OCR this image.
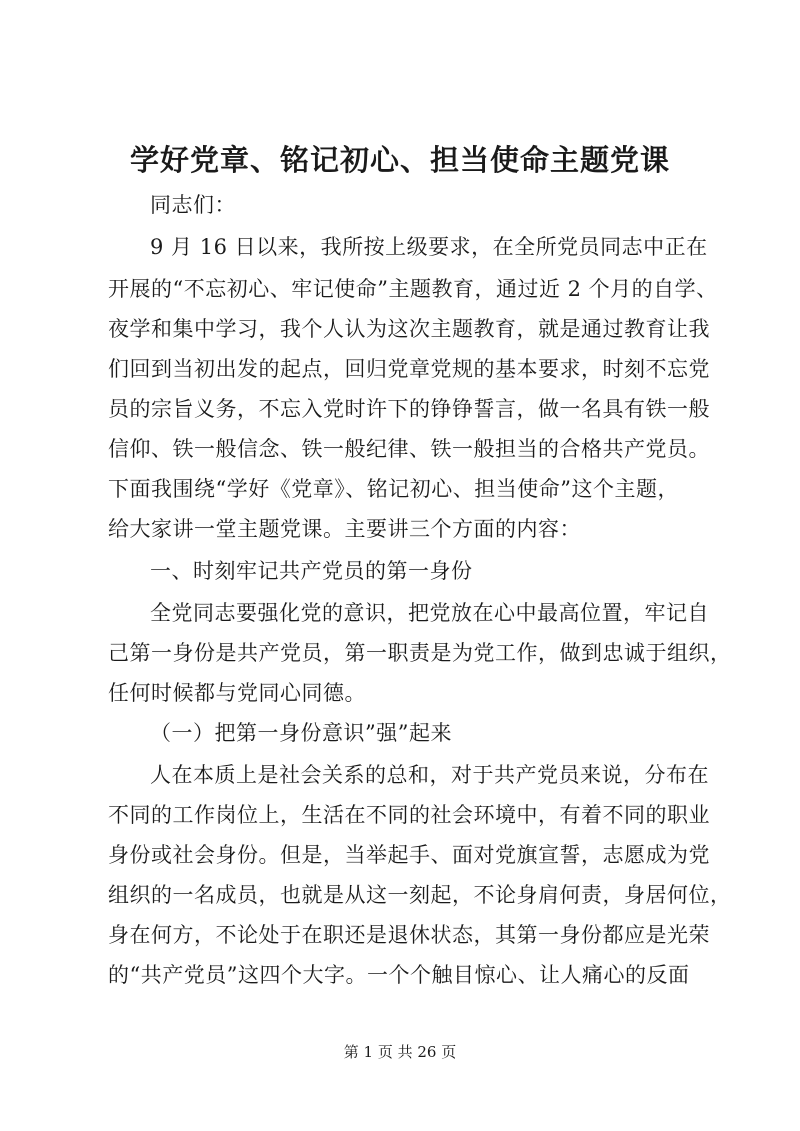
学好党章、铭记初心、担当使命主题党课
同志们：
9 月 16 日以来，我所按上级要求，在全所党员同志中正在
开展的“不忘初心、牢记使命”主题教育，通过近 2 个月的自学、
夜学和集中学习，我个人认为这次主题教育，就是通过教育让我
们回到当初出发的起点，回归党章党规的基本要求，时刻不忘党
员的宗旨义务，不忘入党时许下的铮铮誓言，做一名具有铁一般
信仰、铁一般信念、铁一般纪律、铁一般担当的合格共产党员。
下面我围绕“学好《党章》、铭记初心、担当使命”这个主题，
给大家讲一堂主题党课。主要讲三个方面的内容：
一、时刻牢记共产党员的第一身份
全党同志要强化党的意识，把党放在心中最高位置，牢记自
己第一身份是共产党员，第一职责是为党工作，做到忠诚于组织，
任何时候都与党同心同德。
（一）把第一身份意识”强”起来
人在本质上是社会关系的总和，对于共产党员来说，分布在
不同的工作岗位上，生活在不同的社会环境中，有着不同的职业
身份或社会身份。但是，当举起手、面对党旗宣誓，志愿成为党
组织的一名成员，也就是从这一刻起，不论身肩何责，身居何位，
身在何方，不论处于在职还是退休状态，其第一身份都应是光荣
的“共产党员”这四个大字。一个个触目惊心、让人痛心的反面
第 1 页 共 26 页
